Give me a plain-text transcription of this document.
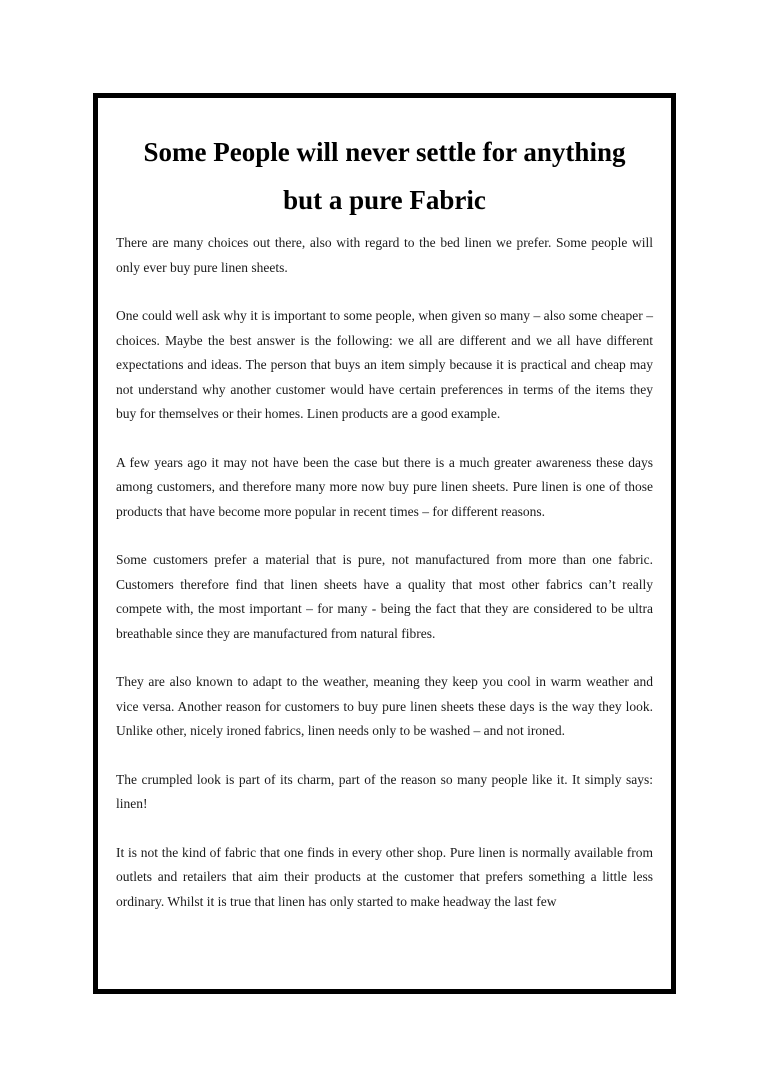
Some People will never settle for anything
but a pure Fabric

There are many choices out there, also with regard to the bed linen we prefer. Some people will only ever buy pure linen sheets.

One could well ask why it is important to some people, when given so many – also some cheaper – choices. Maybe the best answer is the following: we all are different and we all have different expectations and ideas. The person that buys an item simply because it is practical and cheap may not understand why another customer would have certain preferences in terms of the items they buy for themselves or their homes. Linen products are a good example.

A few years ago it may not have been the case but there is a much greater awareness these days among customers, and therefore many more now buy pure linen sheets. Pure linen is one of those products that have become more popular in recent times – for different reasons.

Some customers prefer a material that is pure, not manufactured from more than one fabric. Customers therefore find that linen sheets have a quality that most other fabrics can’t really compete with, the most important – for many - being the fact that they are considered to be ultra breathable since they are manufactured from natural fibres.

They are also known to adapt to the weather, meaning they keep you cool in warm weather and vice versa. Another reason for customers to buy pure linen sheets these days is the way they look. Unlike other, nicely ironed fabrics, linen needs only to be washed – and not ironed.

The crumpled look is part of its charm, part of the reason so many people like it. It simply says: linen!

It is not the kind of fabric that one finds in every other shop. Pure linen is normally available from outlets and retailers that aim their products at the customer that prefers something a little less ordinary. Whilst it is true that linen has only started to make headway the last few
